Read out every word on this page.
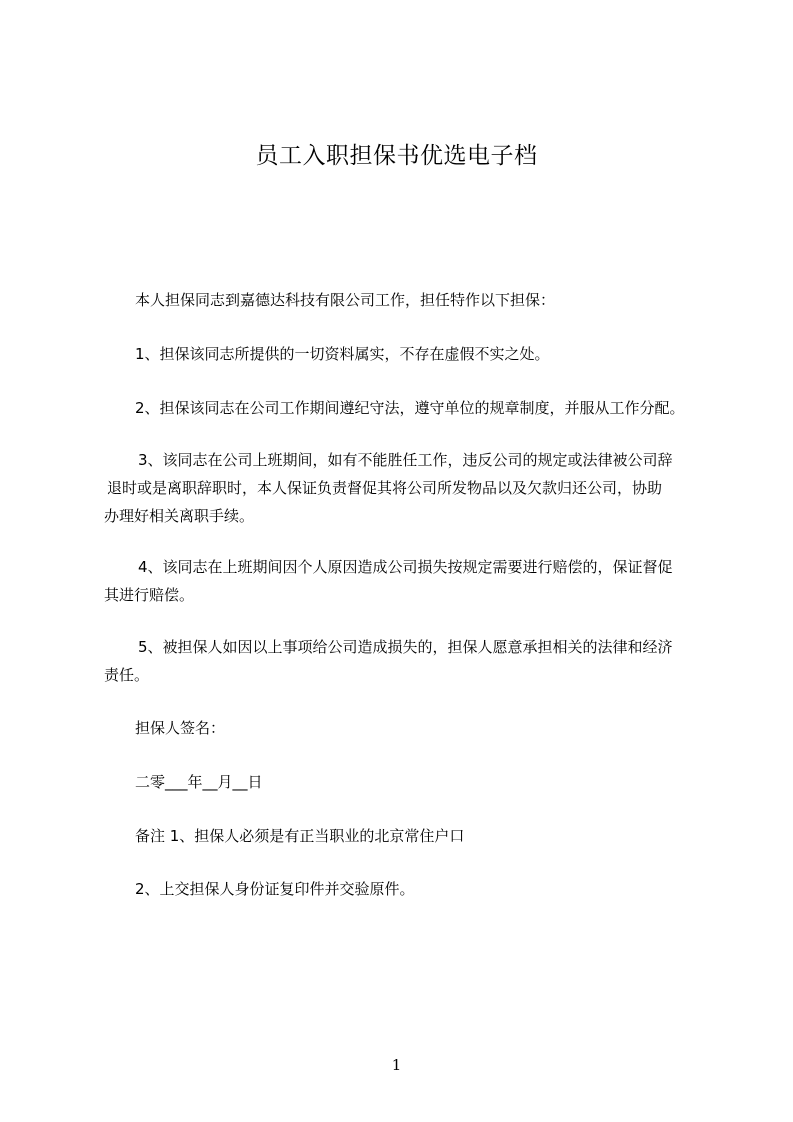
员工入职担保书优选电子档

本人担保同志到嘉德达科技有限公司工作，担任特作以下担保：

1、担保该同志所提供的一切资料属实，不存在虚假不实之处。

2、担保该同志在公司工作期间遵纪守法，遵守单位的规章制度，并服从工作分配。

3、该同志在公司上班期间，如有不能胜任工作，违反公司的规定或法律被公司辞

退时或是离职辞职时，本人保证负责督促其将公司所发物品以及欠款归还公司，协助

办理好相关离职手续。

4、该同志在上班期间因个人原因造成公司损失按规定需要进行赔偿的，保证督促

其进行赔偿。

5、被担保人如因以上事项给公司造成损失的，担保人愿意承担相关的法律和经济

责任。

担保人签名：

二零___年__月__日

备注 1、担保人必须是有正当职业的北京常住户口

2、上交担保人身份证复印件并交验原件。

1
